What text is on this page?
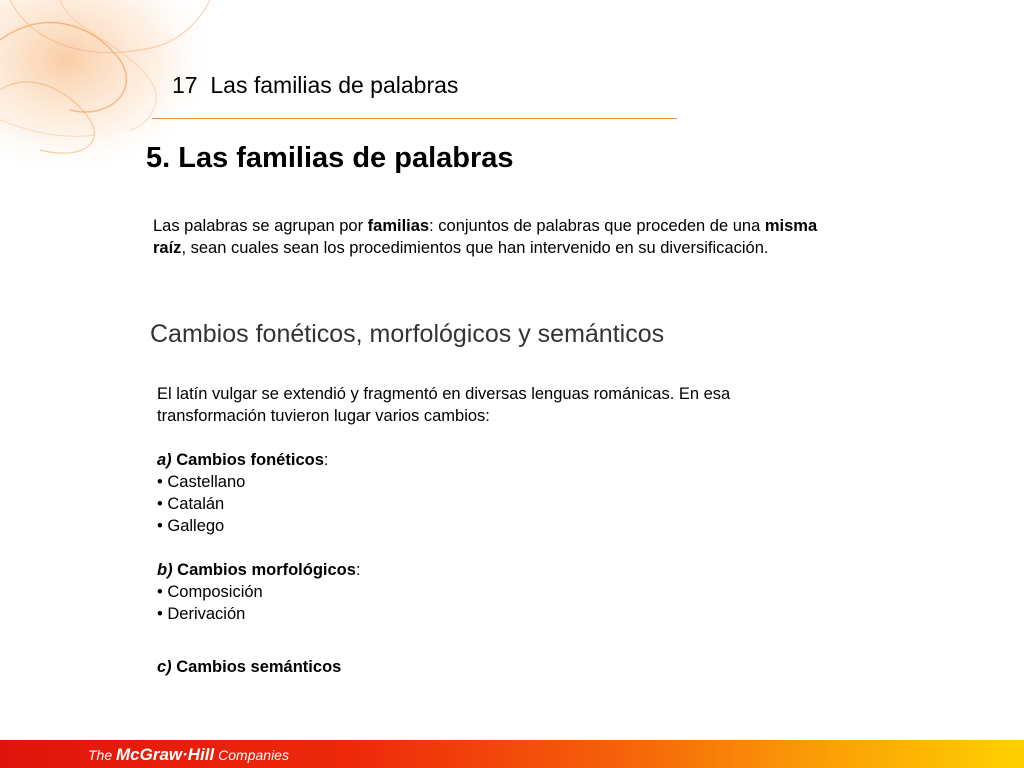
17 Las familias de palabras
5. Las familias de palabras
Las palabras se agrupan por familias: conjuntos de palabras que proceden de una misma raíz, sean cuales sean los procedimientos que han intervenido en su diversificación.
Cambios fonéticos, morfológicos y semánticos

El latín vulgar se extendió y fragmentó en diversas lenguas románicas. En esa transformación tuvieron lugar varios cambios:

a) Cambios fonéticos:

• Castellano

• Catalán

• Gallego

b) Cambios morfológicos:

• Composición

• Derivación

c) Cambios semánticos
The McGraw·Hill Companies
